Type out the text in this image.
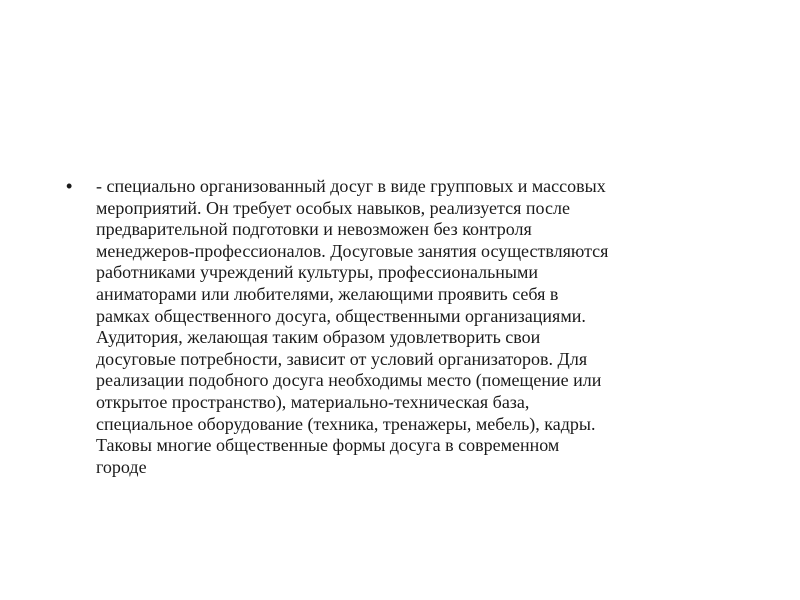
• - специально организованный досуг в виде групповых и массовых
мероприятий. Он требует особых навыков, реализуется после
предварительной подготовки и невозможен без контроля
менеджеров-профессионалов. Досуговые занятия осуществляются
работниками учреждений культуры, профессиональными
аниматорами или любителями, желающими проявить себя в
рамках общественного досуга, общественными организациями.
Аудитория, желающая таким образом удовлетворить свои
досуговые потребности, зависит от условий организаторов. Для
реализации подобного досуга необходимы место (помещение или
открытое пространство), материально-техническая база,
специальное оборудование (техника, тренажеры, мебель), кадры.
Таковы многие общественные формы досуга в современном
городе
